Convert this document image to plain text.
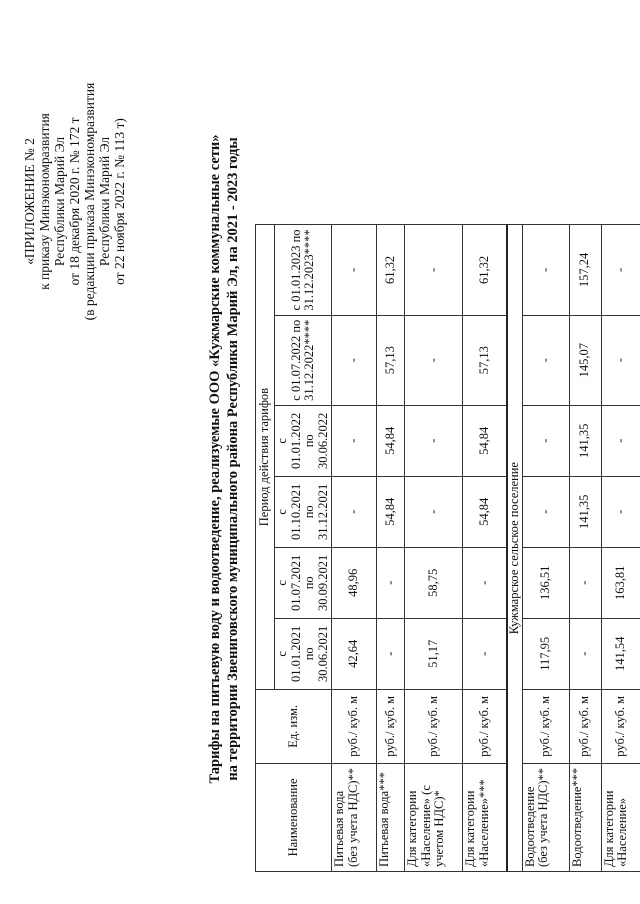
«ПРИЛОЖЕНИЕ № 2 к приказу Минэкономразвития Республики Марий Эл от 18 декабря 2020 г. № 172 т (в редакции приказа Минэкономразвития Республики Марий Эл от 22 ноября 2022 г. № 113 т)	Тарифы на питьевую воду и водоотведение, реализуемые ООО «Кужмарские коммунальные сети» на территории Звениговского муниципального района Республики Марий Эл, на 2021 - 2023 годы
Наименование	Ед. изм.	Период действия тарифов					
		с 01.01.2021 по 30.06.2021	с 01.07.2021 по 30.09.2021	с 01.10.2021 по 31.12.2021	с 01.01.2022 по 30.06.2022	с 01.07.2022 по 31.12.2022****	с 01.01.2023 по 31.12.2023****
Питьевая вода (без учета НДС)**	руб./ куб. м	42,64	48,96	-	-	-	-
Питьевая вода***	руб./ куб. м	-	-	54,84	54,84	57,13	61,32
Для категории «Население» (с учетом НДС)*	руб./ куб. м	51,17	58,75	-	-	-	-
Для категории «Население»***	руб./ куб. м	-	-	54,84	54,84	57,13	61,32
Кужмарское сельское поселение							
Водоотведение (без учета НДС)**	руб./ куб. м	117,95	136,51	-	-	-	-
Водоотведение***	руб./ куб. м	-	-	141,35	141,35	145,07	157,24
Для категории «Население»	руб./ куб. м	141,54	163,81	-	-	-	-
